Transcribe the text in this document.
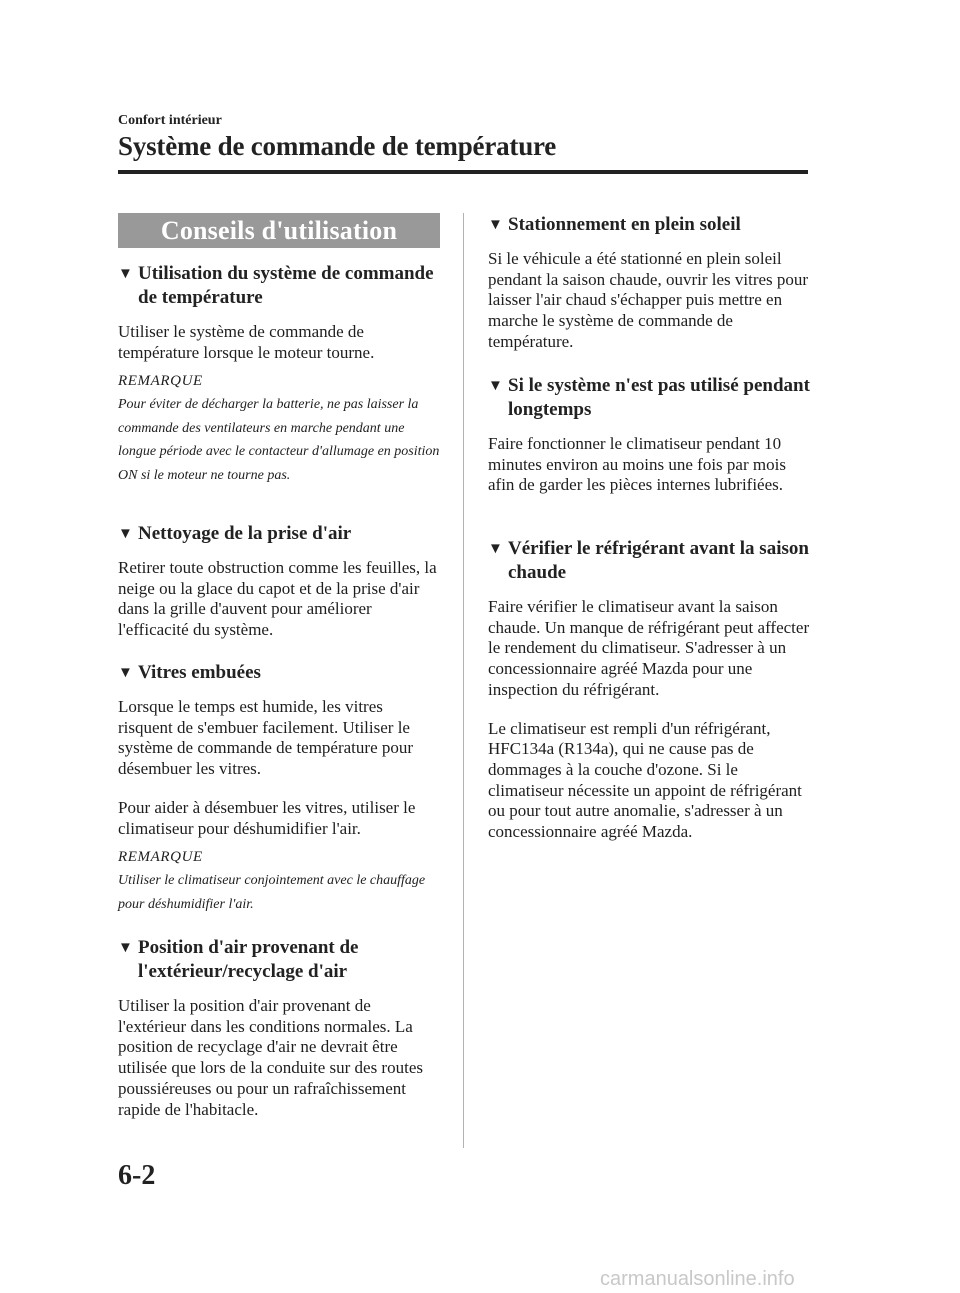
Confort intérieur
Système de commande de température
Conseils d'utilisation
▼ Utilisation du système de commande de température

Utiliser le système de commande de température lorsque le moteur tourne.

REMARQUE

Pour éviter de décharger la batterie, ne pas laisser la commande des ventilateurs en marche pendant une longue période avec le contacteur d'allumage en position ON si le moteur ne tourne pas.

▼ Nettoyage de la prise d'air

Retirer toute obstruction comme les feuilles, la neige ou la glace du capot et de la prise d'air dans la grille d'auvent pour améliorer l'efficacité du système.

▼ Vitres embuées

Lorsque le temps est humide, les vitres risquent de s'embuer facilement. Utiliser le système de commande de température pour désembuer les vitres.

Pour aider à désembuer les vitres, utiliser le climatiseur pour déshumidifier l'air.

REMARQUE

Utiliser le climatiseur conjointement avec le chauffage pour déshumidifier l'air.

▼ Position d'air provenant de l'extérieur/recyclage d'air

Utiliser la position d'air provenant de l'extérieur dans les conditions normales. La position de recyclage d'air ne devrait être utilisée que lors de la conduite sur des routes poussiéreuses ou pour un rafraîchissement rapide de l'habitacle.

▼ Stationnement en plein soleil

Si le véhicule a été stationné en plein soleil pendant la saison chaude, ouvrir les vitres pour laisser l'air chaud s'échapper puis mettre en marche le système de commande de température.

▼ Si le système n'est pas utilisé pendant longtemps

Faire fonctionner le climatiseur pendant 10 minutes environ au moins une fois par mois afin de garder les pièces internes lubrifiées.

▼ Vérifier le réfrigérant avant la saison chaude

Faire vérifier le climatiseur avant la saison chaude. Un manque de réfrigérant peut affecter le rendement du climatiseur. S'adresser à un concessionnaire agréé Mazda pour une inspection du réfrigérant.

Le climatiseur est rempli d'un réfrigérant, HFC134a (R134a), qui ne cause pas de dommages à la couche d'ozone. Si le climatiseur nécessite un appoint de réfrigérant ou pour tout autre anomalie, s'adresser à un concessionnaire agréé Mazda.

6-2
carmanualsonline.info
